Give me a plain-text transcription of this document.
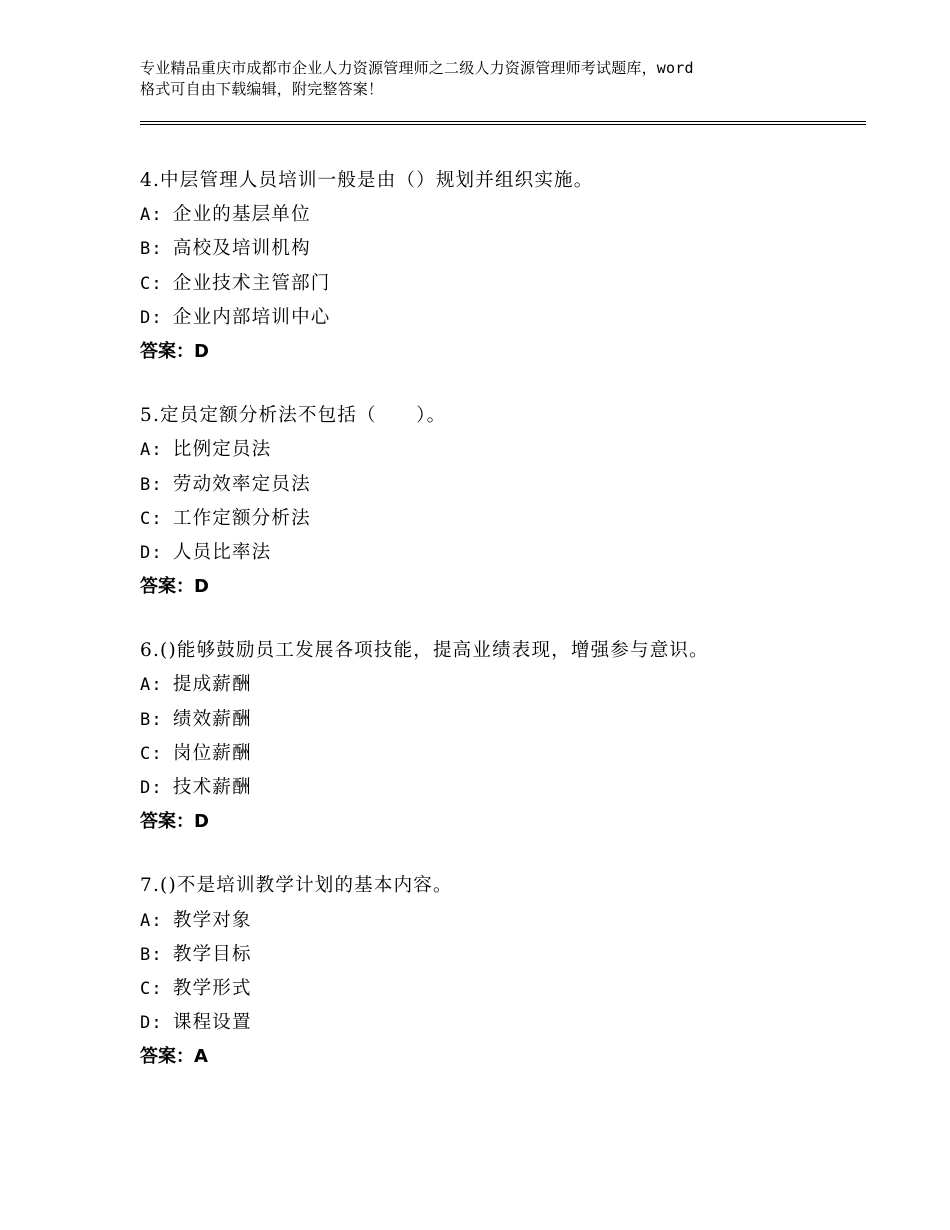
专业精品重庆市成都市企业人力资源管理师之二级人力资源管理师考试题库，word
格式可自由下载编辑，附完整答案！
4.中层管理人员培训一般是由（）规划并组织实施。
A: 企业的基层单位
B: 高校及培训机构
C: 企业技术主管部门
D: 企业内部培训中心
答案：D
5.定员定额分析法不包括（　　）。
A: 比例定员法
B: 劳动效率定员法
C: 工作定额分析法
D: 人员比率法
答案：D
6.()能够鼓励员工发展各项技能，提高业绩表现，增强参与意识。
A: 提成薪酬
B: 绩效薪酬
C: 岗位薪酬
D: 技术薪酬
答案：D
7.()不是培训教学计划的基本内容。
A: 教学对象
B: 教学目标
C: 教学形式
D: 课程设置
答案：A
